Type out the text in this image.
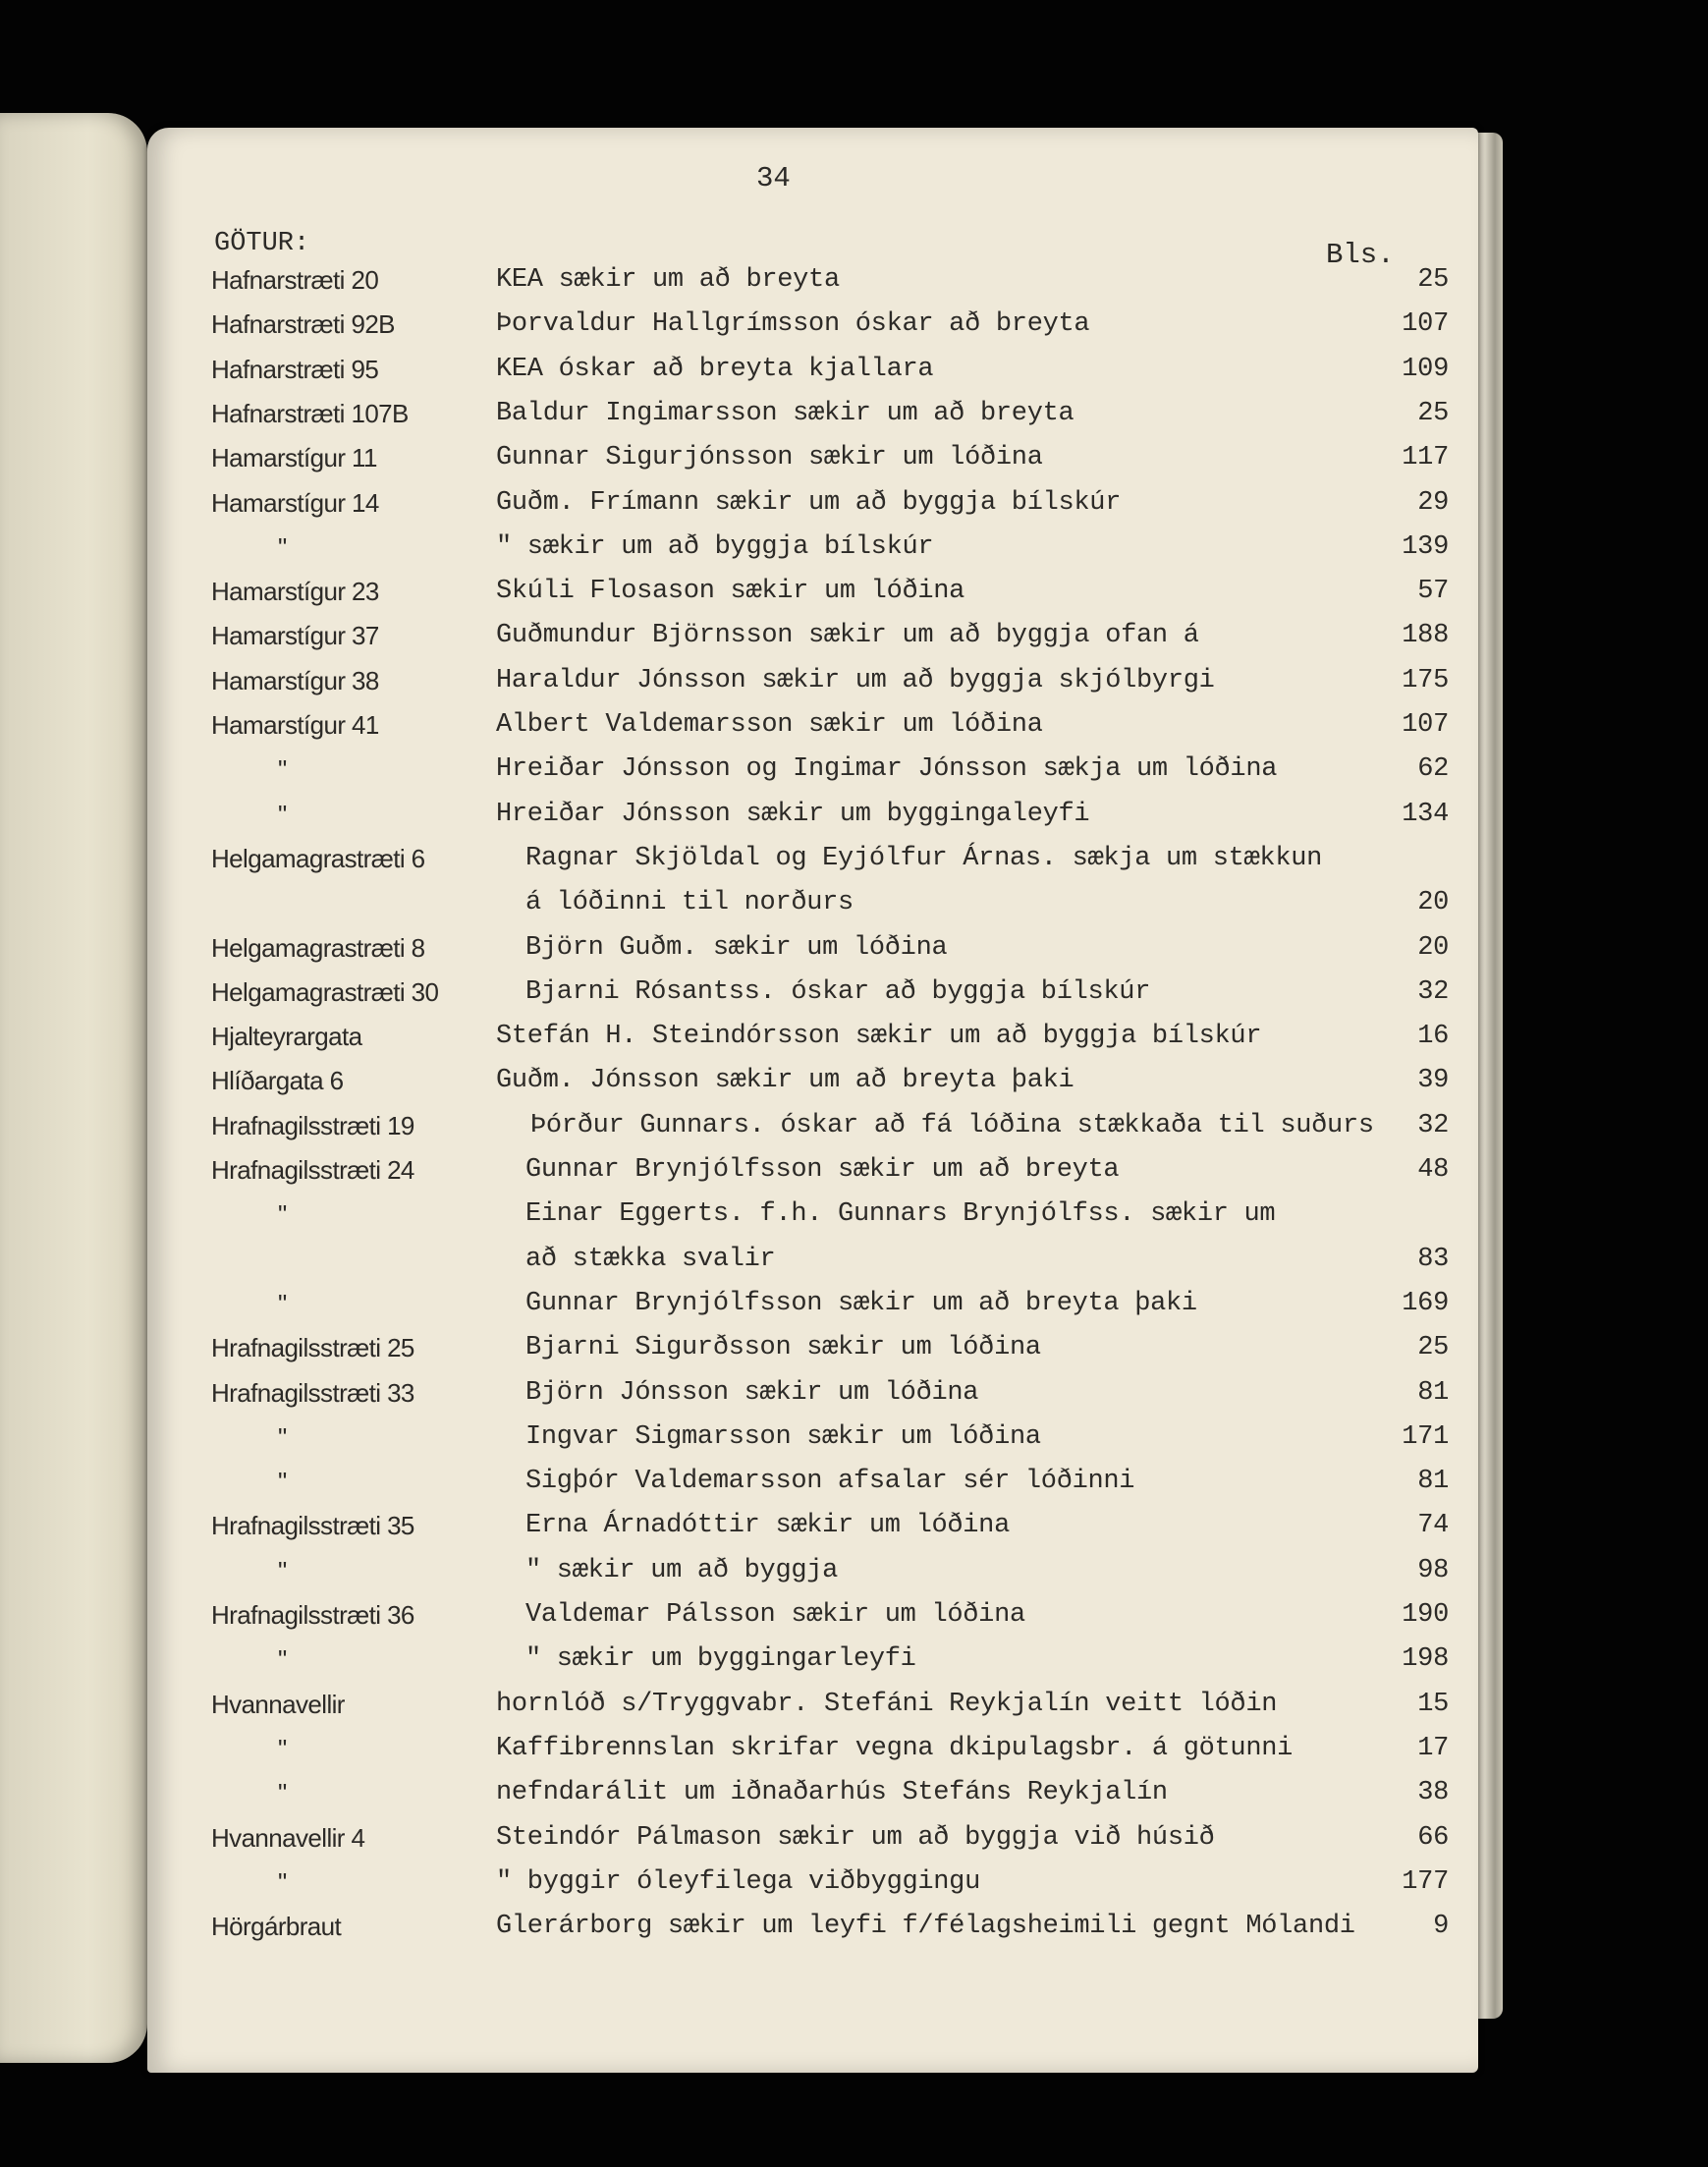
34
GÖTUR:	Bls.
Hafnarstræti 20	KEA sækir um að breyta	25
Hafnarstræti 92B	Þorvaldur Hallgrímsson óskar að breyta	107
Hafnarstræti 95	KEA óskar að breyta kjallara	109
Hafnarstræti 107B	Baldur Ingimarsson sækir um að breyta	25
Hamarstígur 11	Gunnar Sigurjónsson sækir um lóðina	117
Hamarstígur 14	Guðm. Frímann sækir um að byggja bílskúr	29
"	" sækir um að byggja bílskúr	139
Hamarstígur 23	Skúli Flosason sækir um lóðina	57
Hamarstígur 37	Guðmundur Björnsson sækir um að byggja ofan á	188
Hamarstígur 38	Haraldur Jónsson sækir um að byggja skjólbyrgi	175
Hamarstígur 41	Albert Valdemarsson sækir um lóðina	107
"	Hreiðar Jónsson og Ingimar Jónsson sækja um lóðina	62
"	Hreiðar Jónsson sækir um byggingaleyfi	134
Helgamagrastræti 6	Ragnar Skjöldal og Eyjólfur Árnas. sækja um stækkun
á lóðinni til norðurs	20
Helgamagrastræti 8	Björn Guðm. sækir um lóðina	20
Helgamagrastræti 30	Bjarni Rósantss. óskar að byggja bílskúr	32
Hjalteyrargata	Stefán H. Steindórsson sækir um að byggja bílskúr	16
Hlíðargata 6	Guðm. Jónsson sækir um að breyta þaki	39
Hrafnagilsstræti 19	Þórður Gunnars. óskar að fá lóðina stækkaða til suðurs	32
Hrafnagilsstræti 24	Gunnar Brynjólfsson sækir um að breyta	48
"	Einar Eggerts. f.h. Gunnars Brynjólfss. sækir um
að stækka svalir	83
"	Gunnar Brynjólfsson sækir um að breyta þaki	169
Hrafnagilsstræti 25	Bjarni Sigurðsson sækir um lóðina	25
Hrafnagilsstræti 33	Björn Jónsson sækir um lóðina	81
"	Ingvar Sigmarsson sækir um lóðina	171
"	Sigþór Valdemarsson afsalar sér lóðinni	81
Hrafnagilsstræti 35	Erna Árnadóttir sækir um lóðina	74
"	" sækir um að byggja	98
Hrafnagilsstræti 36	Valdemar Pálsson sækir um lóðina	190
"	" sækir um byggingarleyfi	198
Hvannavellir	hornlóð s/Tryggvabr. Stefáni Reykjalín veitt lóðin	15
"	Kaffibrennslan skrifar vegna dkipulagsbr. á götunni	17
"	nefndarálit um iðnaðarhús Stefáns Reykjalín	38
Hvannavellir 4	Steindór Pálmason sækir um að byggja við húsið	66
"	" byggir óleyfilega viðbyggingu	177
Hörgárbraut	Glerárborg sækir um leyfi f/félagsheimili gegnt Mólandi	9
